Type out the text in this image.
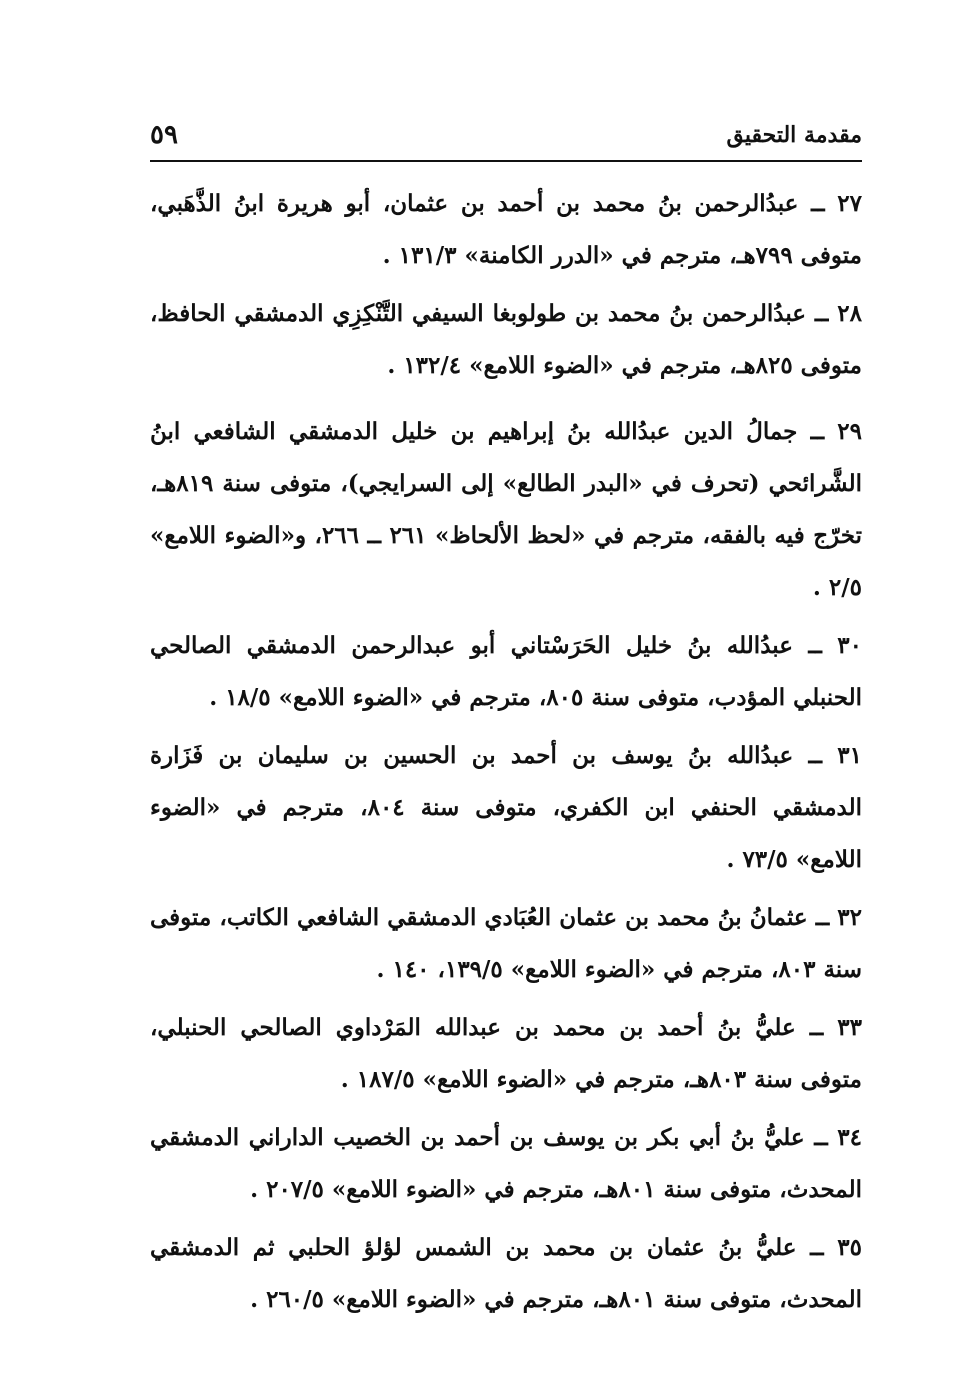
مقدمة التحقيق
٥٩

٢٧ ــ عبدُالرحمن بنُ محمد بن أحمد بن عثمان، أبو هريرة ابنُ الذَّهَبي، متوفى ٧٩٩هـ، مترجم في «الدرر الكامنة» ١٣١/٣ .

٢٨ ــ عبدُالرحمن بنُ محمد بن طولوبغا السيفي التَّنْكِزِي الدمشقي الحافظ، متوفى ٨٢٥هـ، مترجم في «الضوء اللامع» ١٣٢/٤ .

٢٩ ــ جمالُ الدين عبدُالله بنُ إبراهيم بن خليل الدمشقي الشافعي ابنُ الشَّرائحي (تحرف في «البدر الطالع» إلى السرايجي)، متوفى سنة ٨١٩هـ، تخرّج فيه بالفقه، مترجم في «لحظ الألحاظ» ٢٦١ ــ ٢٦٦، و«الضوء اللامع» ٢/٥ .

٣٠ ــ عبدُالله بنُ خليل الحَرَسْتاني أبو عبدالرحمن الدمشقي الصالحي الحنبلي المؤدب، متوفى سنة ٨٠٥، مترجم في «الضوء اللامع» ١٨/٥ .

٣١ ــ عبدُالله بنُ يوسف بن أحمد بن الحسين بن سليمان بن فَزَارة الدمشقي الحنفي ابن الكفري، متوفى سنة ٨٠٤، مترجم في «الضوء اللامع» ٧٣/٥ .

٣٢ ــ عثمانُ بنُ محمد بن عثمان العُبَادي الدمشقي الشافعي الكاتب، متوفى سنة ٨٠٣، مترجم في «الضوء اللامع» ١٣٩/٥، ١٤٠ .

٣٣ ــ عليُّ بنُ أحمد بن محمد بن عبدالله المَرْداوي الصالحي الحنبلي، متوفى سنة ٨٠٣هـ، مترجم في «الضوء اللامع» ١٨٧/٥ .

٣٤ ــ عليُّ بنُ أبي بكر بن يوسف بن أحمد بن الخصيب الداراني الدمشقي المحدث، متوفى سنة ٨٠١هـ، مترجم في «الضوء اللامع» ٢٠٧/٥ .

٣٥ ــ عليُّ بنُ عثمان بن محمد بن الشمس لؤلؤ الحلبي ثم الدمشقي المحدث، متوفى سنة ٨٠١هـ، مترجم في «الضوء اللامع» ٢٦٠/٥ .
